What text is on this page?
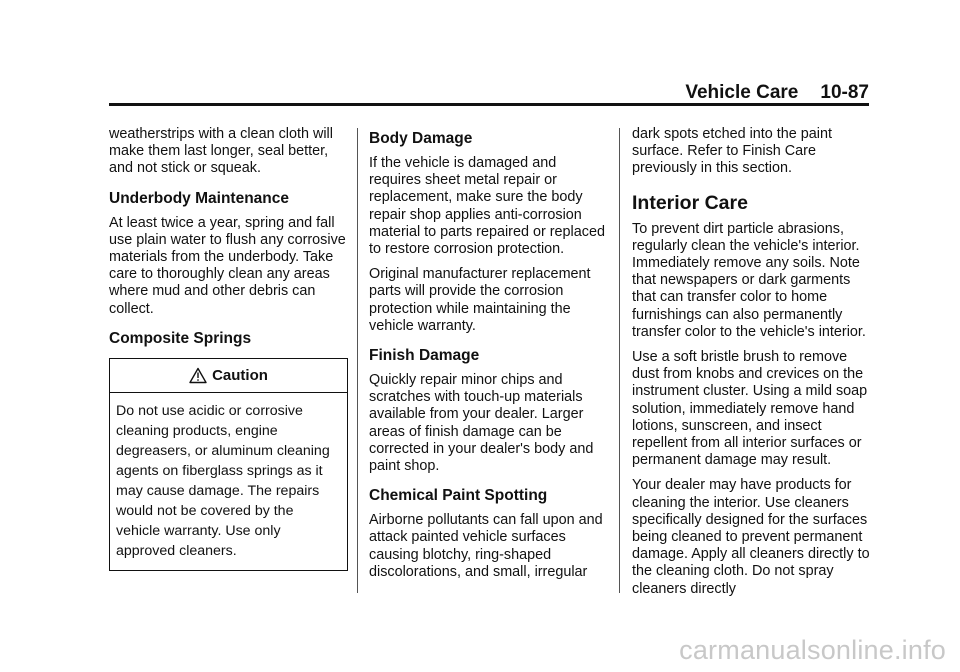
Vehicle Care 10-87

weatherstrips with a clean cloth will make them last longer, seal better, and not stick or squeak.

Underbody Maintenance

At least twice a year, spring and fall use plain water to flush any corrosive materials from the underbody. Take care to thoroughly clean any areas where mud and other debris can collect.

Composite Springs
Caution
Do not use acidic or corrosive cleaning products, engine degreasers, or aluminum cleaning agents on fiberglass springs as it may cause damage. The repairs would not be covered by the vehicle warranty. Use only approved cleaners.
Body Damage

If the vehicle is damaged and requires sheet metal repair or replacement, make sure the body repair shop applies anti-corrosion material to parts repaired or replaced to restore corrosion protection.

Original manufacturer replacement parts will provide the corrosion protection while maintaining the vehicle warranty.

Finish Damage

Quickly repair minor chips and scratches with touch-up materials available from your dealer. Larger areas of finish damage can be corrected in your dealer's body and paint shop.

Chemical Paint Spotting

Airborne pollutants can fall upon and attack painted vehicle surfaces causing blotchy, ring-shaped discolorations, and small, irregular

dark spots etched into the paint surface. Refer to Finish Care previously in this section.

Interior Care

To prevent dirt particle abrasions, regularly clean the vehicle's interior. Immediately remove any soils. Note that newspapers or dark garments that can transfer color to home furnishings can also permanently transfer color to the vehicle's interior.

Use a soft bristle brush to remove dust from knobs and crevices on the instrument cluster. Using a mild soap solution, immediately remove hand lotions, sunscreen, and insect repellent from all interior surfaces or permanent damage may result.

Your dealer may have products for cleaning the interior. Use cleaners specifically designed for the surfaces being cleaned to prevent permanent damage. Apply all cleaners directly to the cleaning cloth. Do not spray cleaners directly

carmanualsonline.info
